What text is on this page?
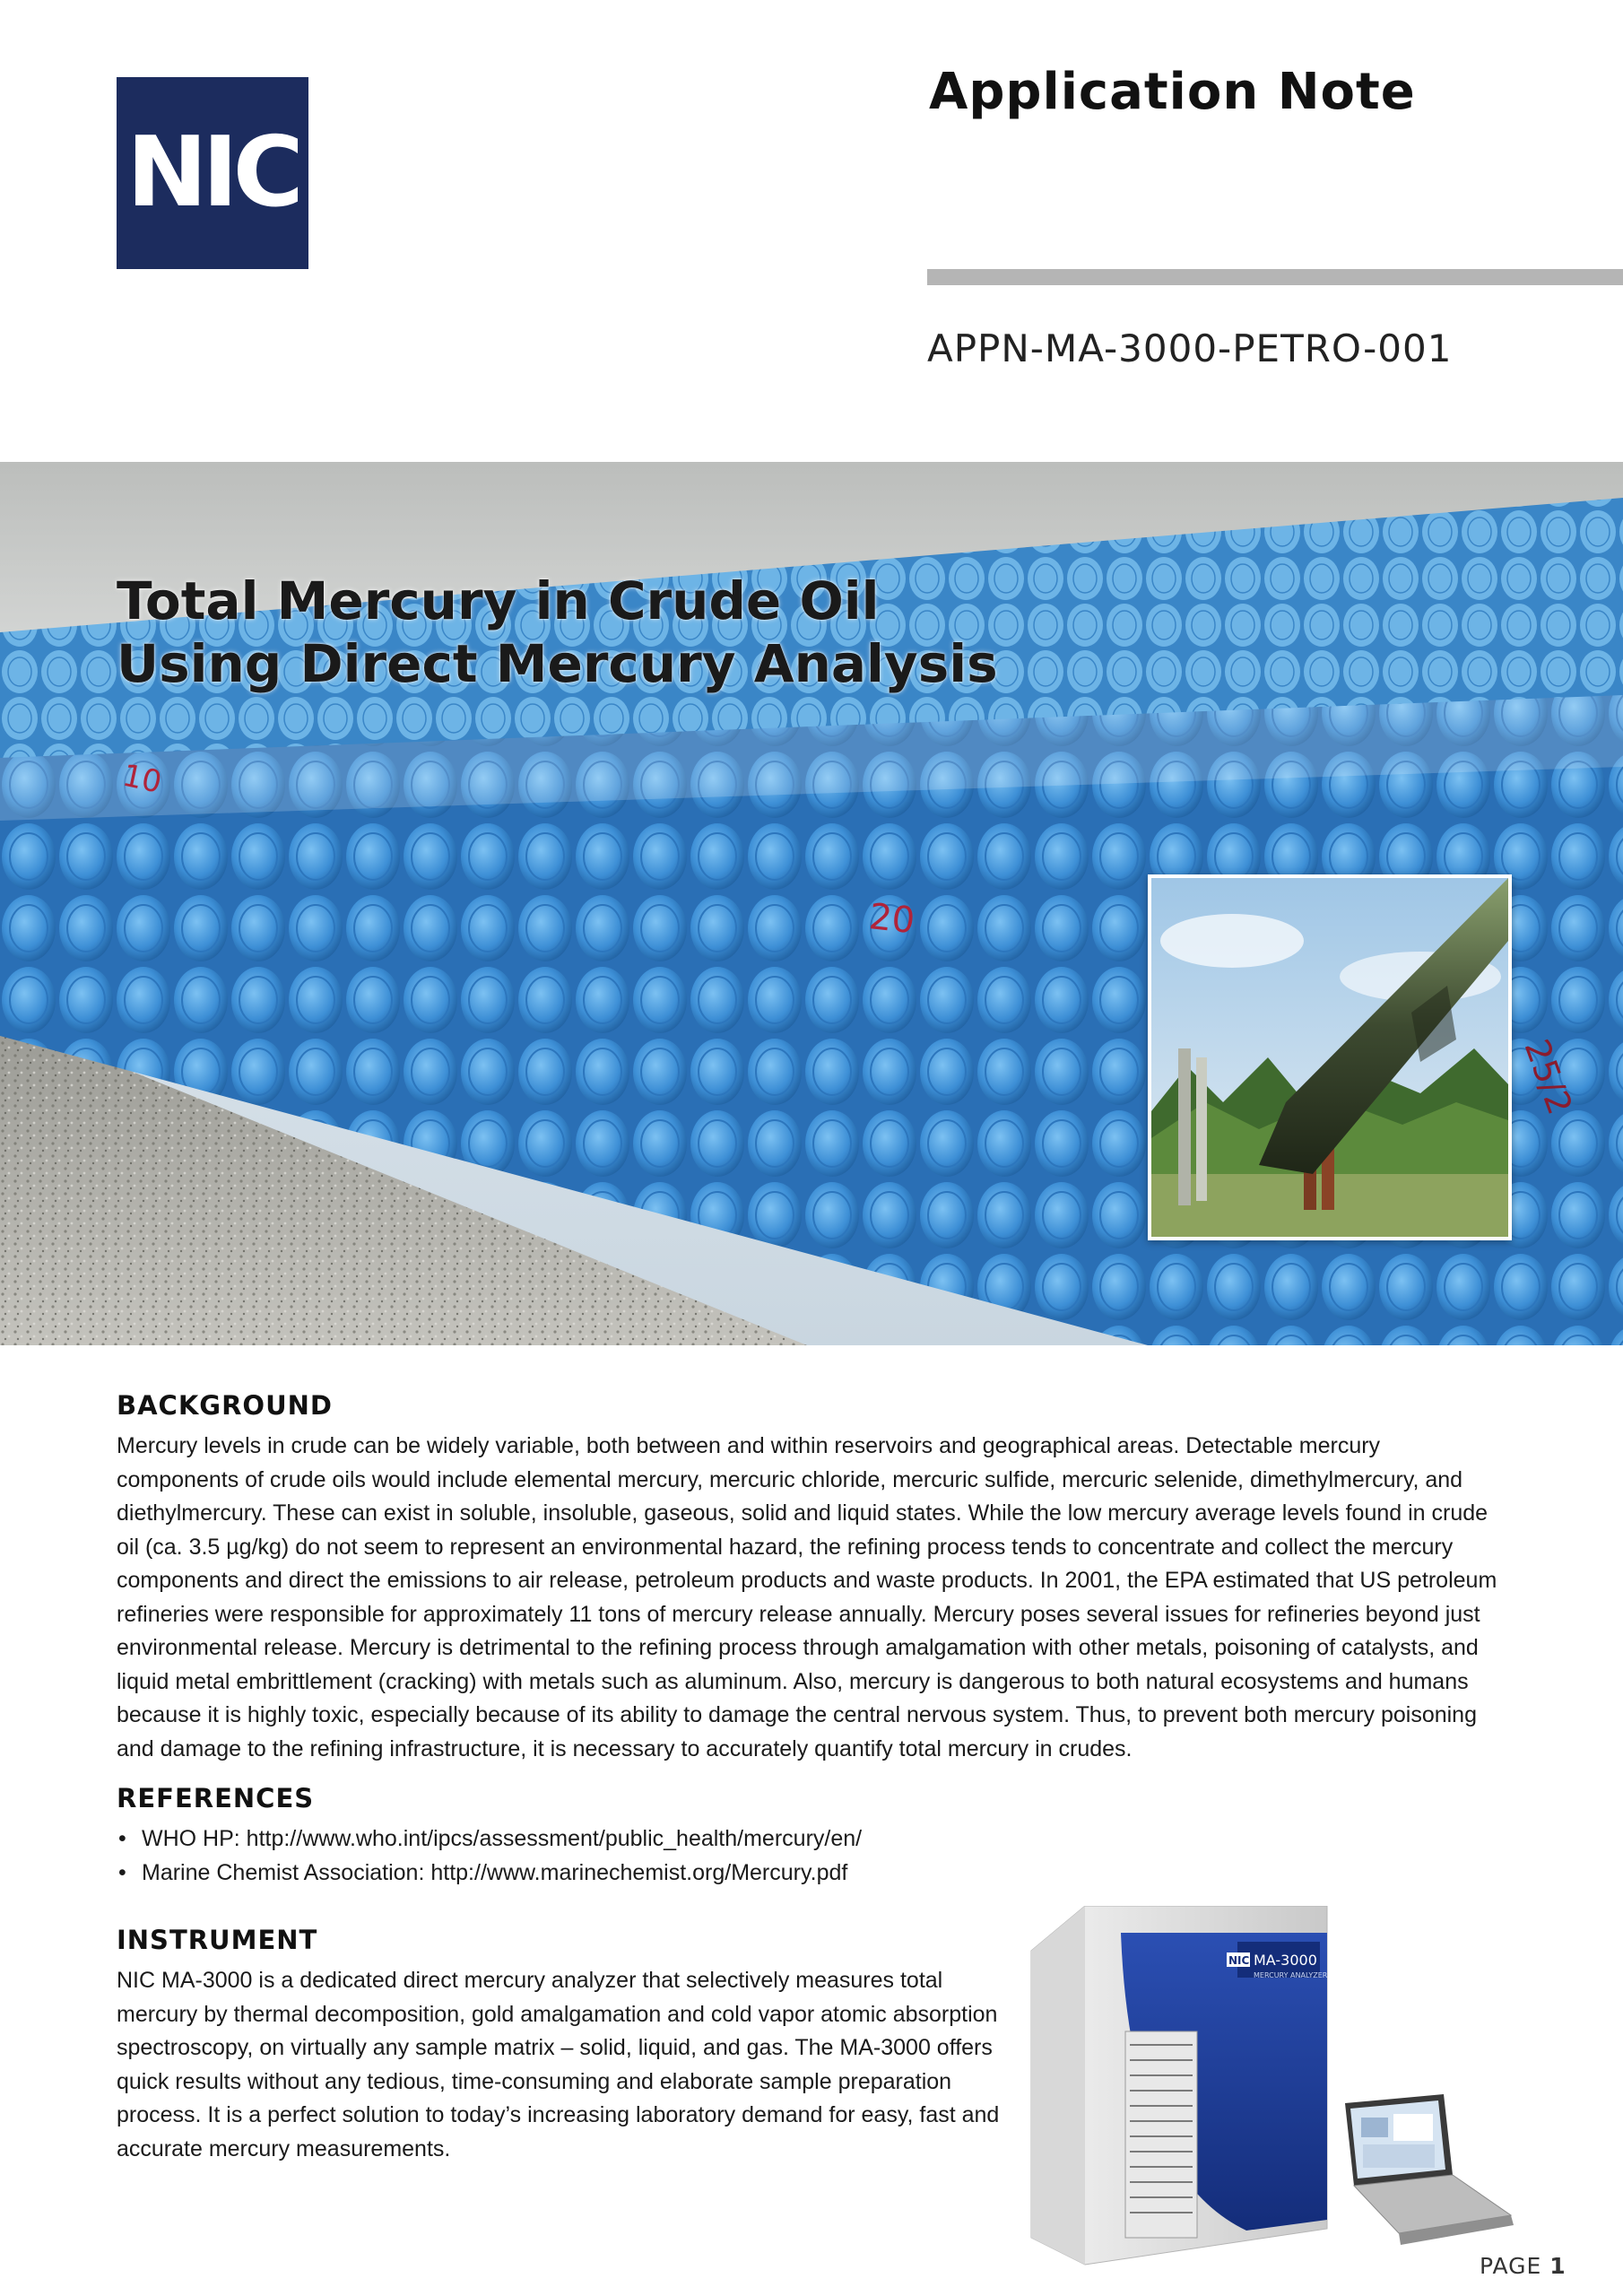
NIC
Application Note
APPN-MA-3000-PETRO-001
10
20
25/2
Total Mercury in Crude Oil
Using Direct Mercury Analysis
BACKGROUND
Mercury levels in crude can be widely variable, both between and within reservoirs and geographical areas. Detectable mercury components of crude oils would include elemental mercury, mercuric chloride, mercuric sulfide, mercuric selenide, dimethylmercury, and diethylmercury. These can exist in soluble, insoluble, gaseous, solid and liquid states. While the low mercury average levels found in crude oil (ca. 3.5 µg/kg) do not seem to represent an environmental hazard, the refining process tends to concentrate and collect the mercury components and direct the emissions to air release, petroleum products and waste products. In 2001, the EPA estimated that US petroleum refineries were responsible for approximately 11 tons of mercury release annually. Mercury poses several issues for refineries beyond just environmental release. Mercury is detrimental to the refining process through amalgamation with other metals, poisoning of catalysts, and liquid metal embrittlement (cracking) with metals such as aluminum. Also, mercury is dangerous to both natural ecosystems and humans because it is highly toxic, especially because of its ability to damage the central nervous system. Thus, to prevent both mercury poisoning and damage to the refining infrastructure, it is necessary to accurately quantify total mercury in crudes.
REFERENCES
• WHO HP: http://www.who.int/ipcs/assessment/public_health/mercury/en/
• Marine Chemist Association: http://www.marinechemist.org/Mercury.pdf
INSTRUMENT
NIC MA-3000 is a dedicated direct mercury analyzer that selectively measures total mercury by thermal decomposition, gold amalgamation and cold vapor atomic absorption spectroscopy, on virtually any sample matrix – solid, liquid, and gas. The MA-3000 offers quick results without any tedious, time-consuming and elaborate sample preparation process. It is a perfect solution to today’s increasing laboratory demand for easy, fast and accurate mercury measurements.
NIC MA-3000
MERCURY ANALYZER
PAGE 1
